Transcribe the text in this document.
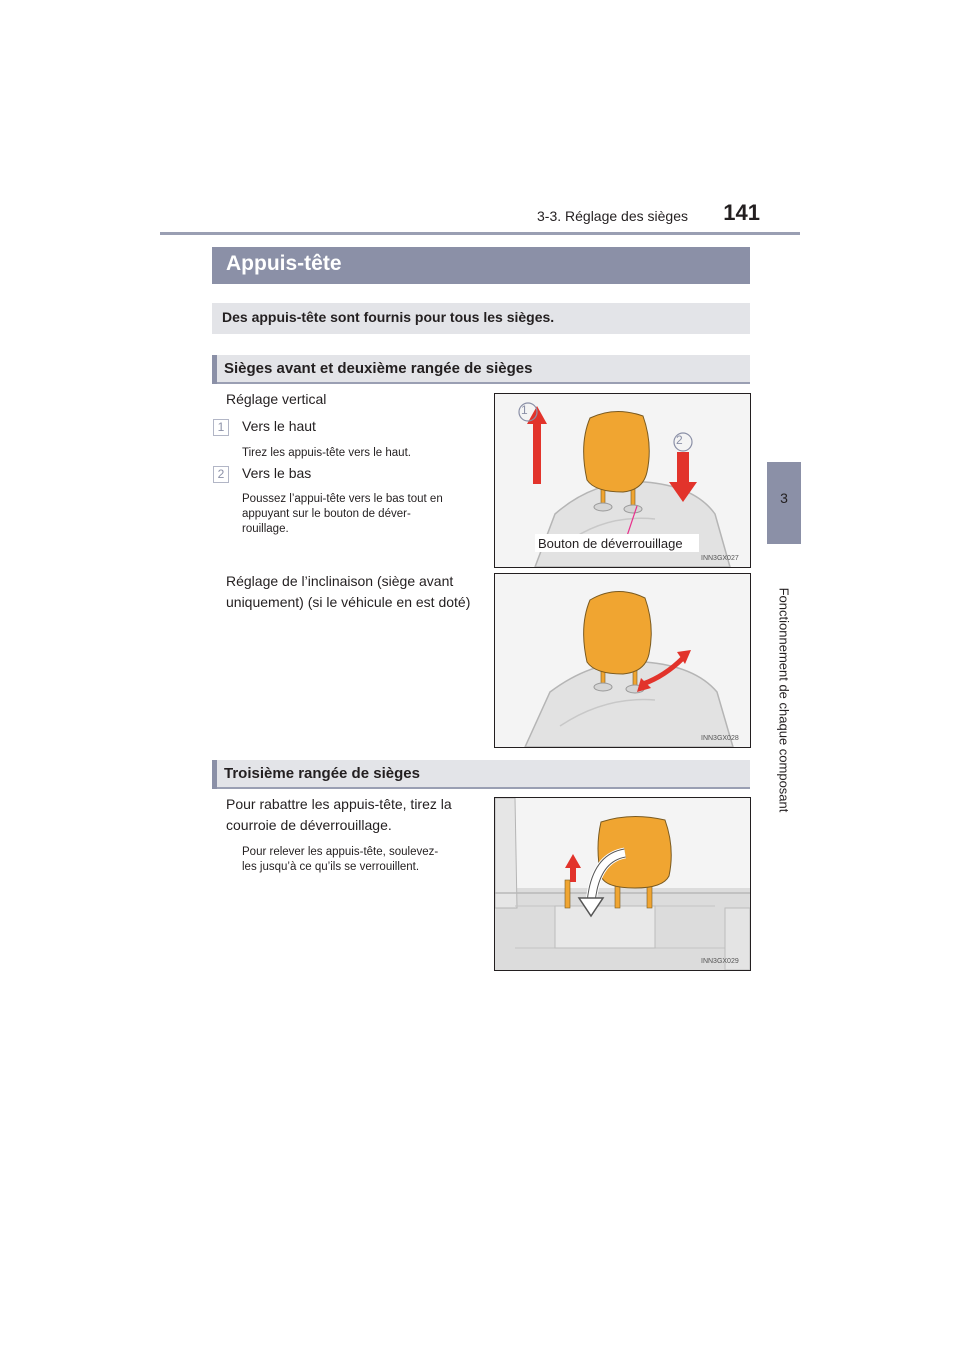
3-3. Réglage des sièges	141
3
Fonctionnement de chaque composant
Appuis-tête
Des appuis-tête sont fournis pour tous les sièges.
Sièges avant et deuxième rangée de sièges
Réglage vertical
1	Vers le haut
Tirez les appuis-tête vers le haut.
2	Vers le bas
Poussez l’appui-tête vers le bas tout en
appuyant sur le bouton de déver-
rouillage.
Réglage de l’inclinaison (siège avant
uniquement) (si le véhicule en est doté)
1
2
Bouton de déverrouillage
INN3GX027
INN3GX028
Troisième rangée de sièges
Pour rabattre les appuis-tête, tirez la
courroie de déverrouillage.
Pour relever les appuis-tête, soulevez-
les jusqu’à ce qu’ils se verrouillent.
INN3GX029
